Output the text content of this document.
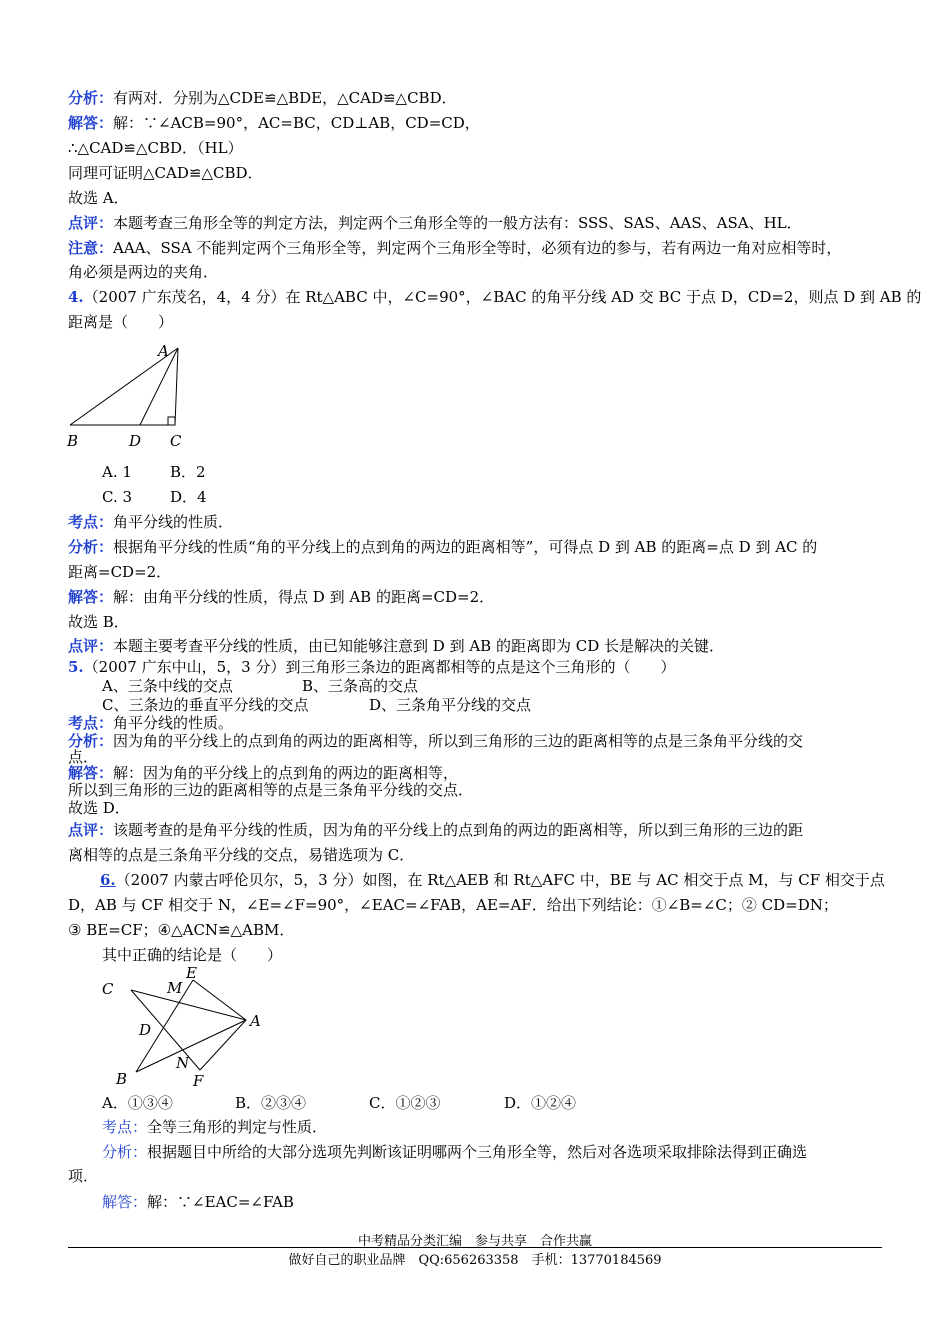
分析：有两对．分别为△CDE≌△BDE，△CAD≌△CBD．
解答：解：∵∠ACB=90°，AC=BC，CD⊥AB，CD=CD，
∴△CAD≌△CBD．（HL）
同理可证明△CAD≌△CBD．
故选 A．
点评：本题考查三角形全等的判定方法，判定两个三角形全等的一般方法有：SSS、SAS、AAS、ASA、HL．
注意：AAA、SSA 不能判定两个三角形全等，判定两个三角形全等时，必须有边的参与，若有两边一角对应相等时，
角必须是两边的夹角．
4.（2007 广东茂名，4，4 分）在 Rt△ABC 中，∠C=90°，∠BAC 的角平分线 AD 交 BC 于点 D，CD=2，则点 D 到 AB 的
距离是（　　）
A
B	D C
A. 1	B．2
C. 3	D．4
考点：角平分线的性质．
分析：根据角平分线的性质“角的平分线上的点到角的两边的距离相等”，可得点 D 到 AB 的距离=点 D 到 AC 的
距离=CD=2．
解答：解：由角平分线的性质，得点 D 到 AB 的距离=CD=2．
故选 B．
点评：本题主要考查平分线的性质，由已知能够注意到 D 到 AB 的距离即为 CD 长是解决的关键．
5.（2007 广东中山，5，3 分）到三角形三条边的距离都相等的点是这个三角形的（　　）
A、三条中线的交点	B、三条高的交点
C、三条边的垂直平分线的交点	D、三条角平分线的交点
考点：角平分线的性质。
分析：因为角的平分线上的点到角的两边的距离相等，所以到三角形的三边的距离相等的点是三条角平分线的交
点．
解答：解：因为角的平分线上的点到角的两边的距离相等，
所以到三角形的三边的距离相等的点是三条角平分线的交点．
故选 D．
点评：该题考查的是角平分线的性质，因为角的平分线上的点到角的两边的距离相等，所以到三角形的三边的距
离相等的点是三条角平分线的交点，易错选项为 C．
6.（2007 内蒙古呼伦贝尔，5，3 分）如图，在 Rt△AEB 和 Rt△AFC 中，BE 与 AC 相交于点 M，与 CF 相交于点
D，AB 与 CF 相交于 N，∠E=∠F=90°，∠EAC=∠FAB，AE=AF．给出下列结论：①∠B=∠C；② CD=DN；
③ BE=CF；④△ACN≌△ABM．
其中正确的结论是（　　）
C
E
M
D	A
N
B	F
A．①③④	B．②③④	C．①②③	D．①②④
考点：全等三角形的判定与性质．
分析：根据题目中所给的大部分选项先判断该证明哪两个三角形全等，然后对各选项采取排除法得到正确选
项．
解答：解：∵∠EAC=∠FAB
中考精品分类汇编　参与共享　合作共赢
做好自己的职业品牌　QQ:656263358　手机：13770184569
